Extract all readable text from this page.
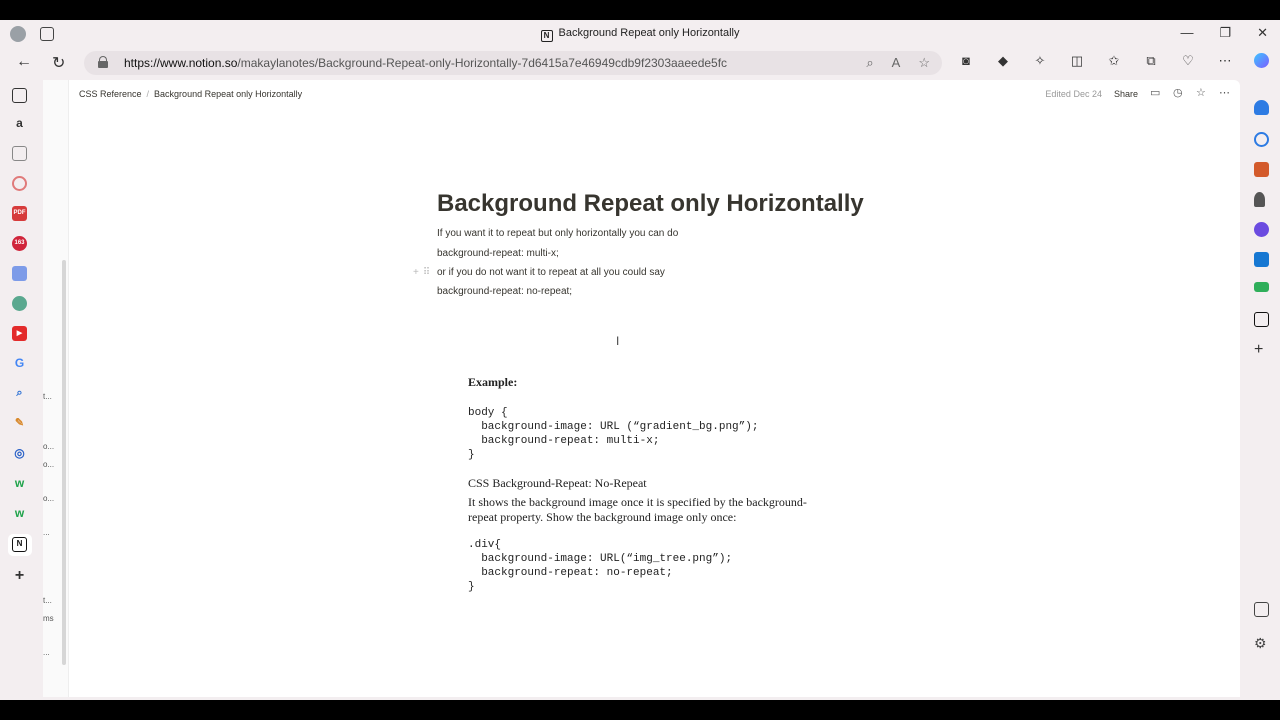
N Background Repeat only Horizontally	— ❐ ✕
← ↻	https://www.notion.so/makaylanotes/Background-Repeat-only-Horizontally-7d6415a7e46949cdb9f2303aaeede5fc	⌕ A ☆	◙	◆ ✧ ◫ ✩ ⧉ ♡ ⋯
a
PDF
163
▶
G
⌕
✎
◎
w
w
N
+
+
⚙
t...
o...
o...
o...
...
t...
ms
...
CSS Reference / Background Repeat only Horizontally	Edited Dec 24 Share ▭ ◷ ☆ ⋯
Background Repeat only Horizontally
If you want it to repeat but only horizontally you can do
background-repeat: multi-x;
+⠿ or if you do not want it to repeat at all you could say
background-repeat: no-repeat;
I
Example:
body {
background-image: URL (“gradient_bg.png”);
background-repeat: multi-x;
}
CSS Background-Repeat: No-Repeat
It shows the background image once it is specified by the background-
repeat property. Show the background image only once:
.div{
background-image: URL(“img_tree.png”);
background-repeat: no-repeat;
}
